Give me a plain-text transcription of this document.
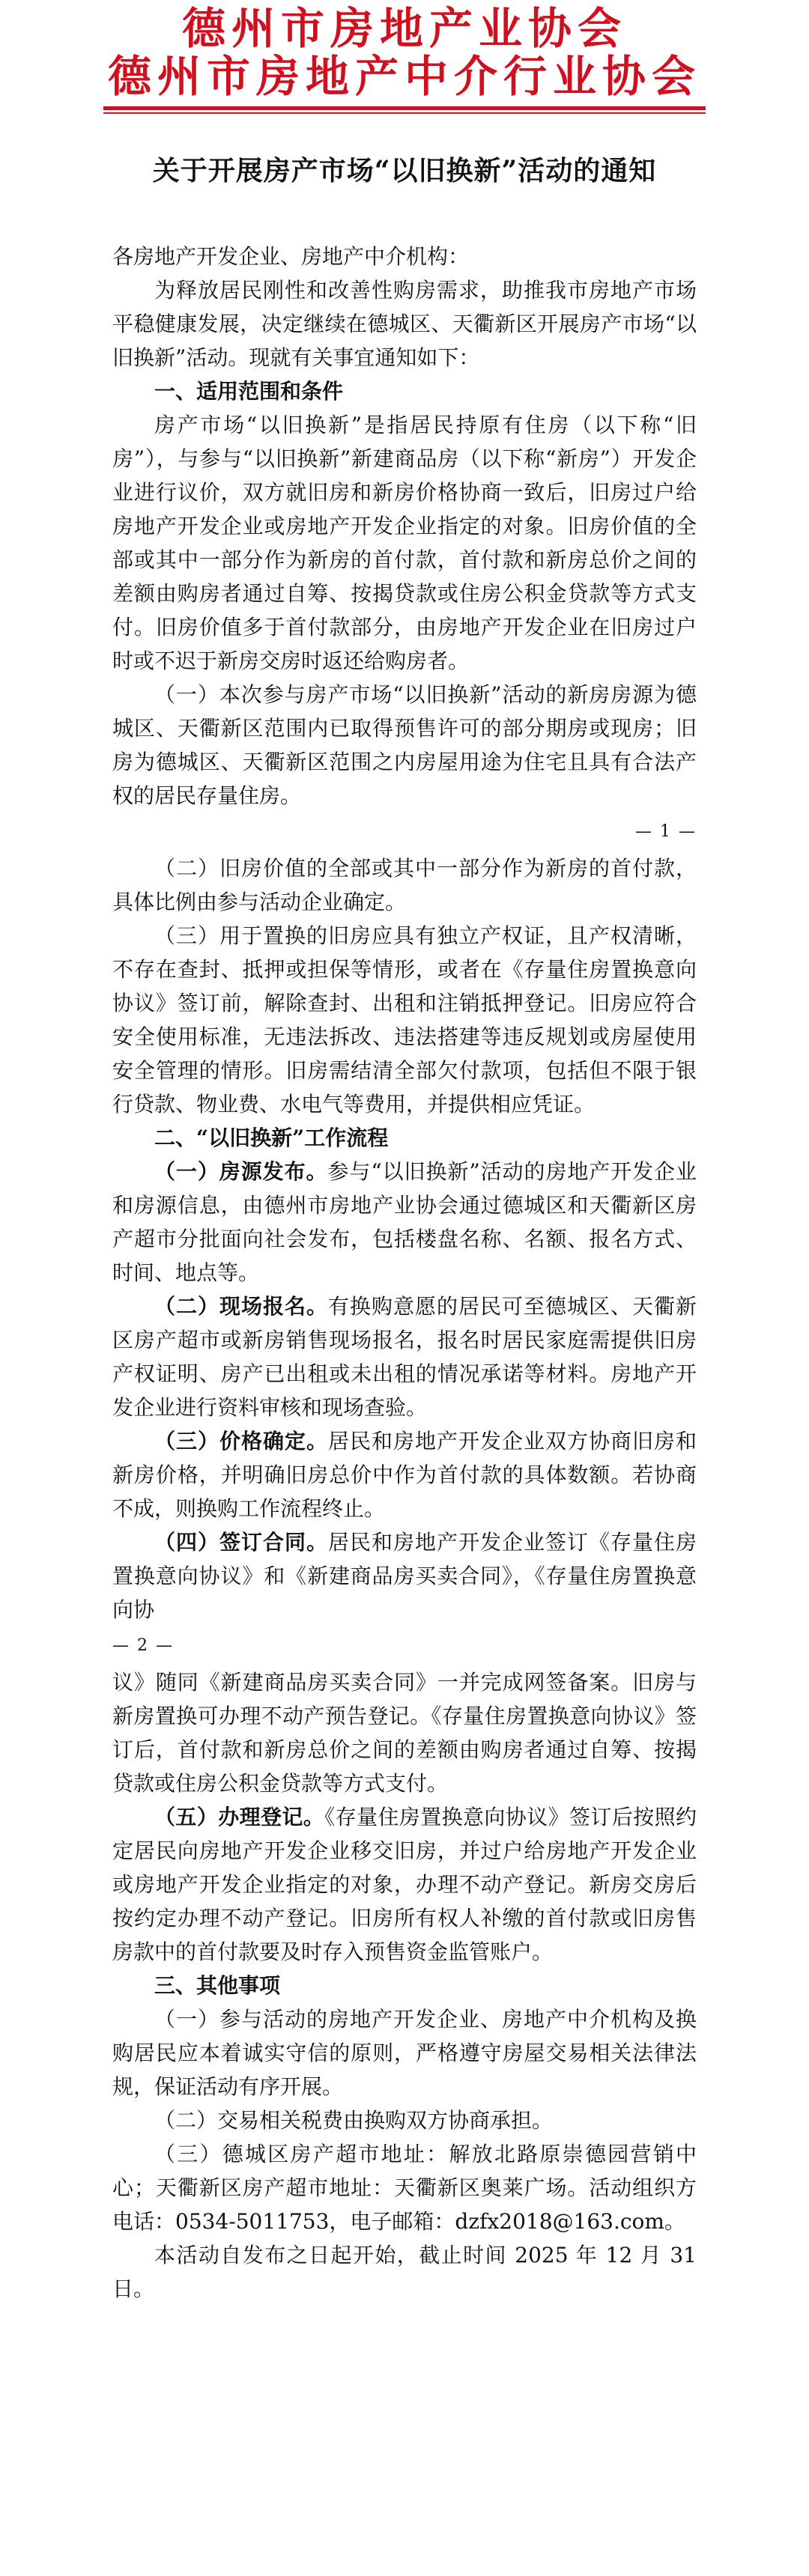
德州市房地产业协会
德州市房地产中介行业协会
关于开展房产市场“以旧换新”活动的通知

各房地产开发企业、房地产中介机构：

为释放居民刚性和改善性购房需求，助推我市房地产市场平稳健康发展，决定继续在德城区、天衢新区开展房产市场“以旧换新”活动。现就有关事宜通知如下：

一、适用范围和条件

房产市场“以旧换新”是指居民持原有住房（以下称“旧房”），与参与“以旧换新”新建商品房（以下称“新房”）开发企业进行议价，双方就旧房和新房价格协商一致后，旧房过户给房地产开发企业或房地产开发企业指定的对象。旧房价值的全部或其中一部分作为新房的首付款，首付款和新房总价之间的差额由购房者通过自筹、按揭贷款或住房公积金贷款等方式支付。旧房价值多于首付款部分，由房地产开发企业在旧房过户时或不迟于新房交房时返还给购房者。

（一）本次参与房产市场“以旧换新”活动的新房房源为德城区、天衢新区范围内已取得预售许可的部分期房或现房；旧房为德城区、天衢新区范围之内房屋用途为住宅且具有合法产权的居民存量住房。

— 1 —

（二）旧房价值的全部或其中一部分作为新房的首付款，具体比例由参与活动企业确定。

（三）用于置换的旧房应具有独立产权证，且产权清晰，不存在查封、抵押或担保等情形，或者在《存量住房置换意向协议》签订前，解除查封、出租和注销抵押登记。旧房应符合安全使用标准，无违法拆改、违法搭建等违反规划或房屋使用安全管理的情形。旧房需结清全部欠付款项，包括但不限于银行贷款、物业费、水电气等费用，并提供相应凭证。

二、“以旧换新”工作流程

（一）房源发布。参与“以旧换新”活动的房地产开发企业和房源信息，由德州市房地产业协会通过德城区和天衢新区房产超市分批面向社会发布，包括楼盘名称、名额、报名方式、时间、地点等。

（二）现场报名。有换购意愿的居民可至德城区、天衢新区房产超市或新房销售现场报名，报名时居民家庭需提供旧房产权证明、房产已出租或未出租的情况承诺等材料。房地产开发企业进行资料审核和现场查验。

（三）价格确定。居民和房地产开发企业双方协商旧房和新房价格，并明确旧房总价中作为首付款的具体数额。若协商不成，则换购工作流程终止。

（四）签订合同。居民和房地产开发企业签订《存量住房置换意向协议》和《新建商品房买卖合同》，《存量住房置换意向协

— 2 —

议》随同《新建商品房买卖合同》一并完成网签备案。旧房与新房置换可办理不动产预告登记。《存量住房置换意向协议》签订后，首付款和新房总价之间的差额由购房者通过自筹、按揭贷款或住房公积金贷款等方式支付。

（五）办理登记。《存量住房置换意向协议》签订后按照约定居民向房地产开发企业移交旧房，并过户给房地产开发企业或房地产开发企业指定的对象，办理不动产登记。新房交房后按约定办理不动产登记。旧房所有权人补缴的首付款或旧房售房款中的首付款要及时存入预售资金监管账户。

三、其他事项

（一）参与活动的房地产开发企业、房地产中介机构及换购居民应本着诚实守信的原则，严格遵守房屋交易相关法律法规，保证活动有序开展。

（二）交易相关税费由换购双方协商承担。

（三）德城区房产超市地址：解放北路原崇德园营销中心；天衢新区房产超市地址：天衢新区奥莱广场。活动组织方电话：0534-5011753，电子邮箱：dzfx2018@163.com。

本活动自发布之日起开始，截止时间 2025 年 12 月 31 日。
